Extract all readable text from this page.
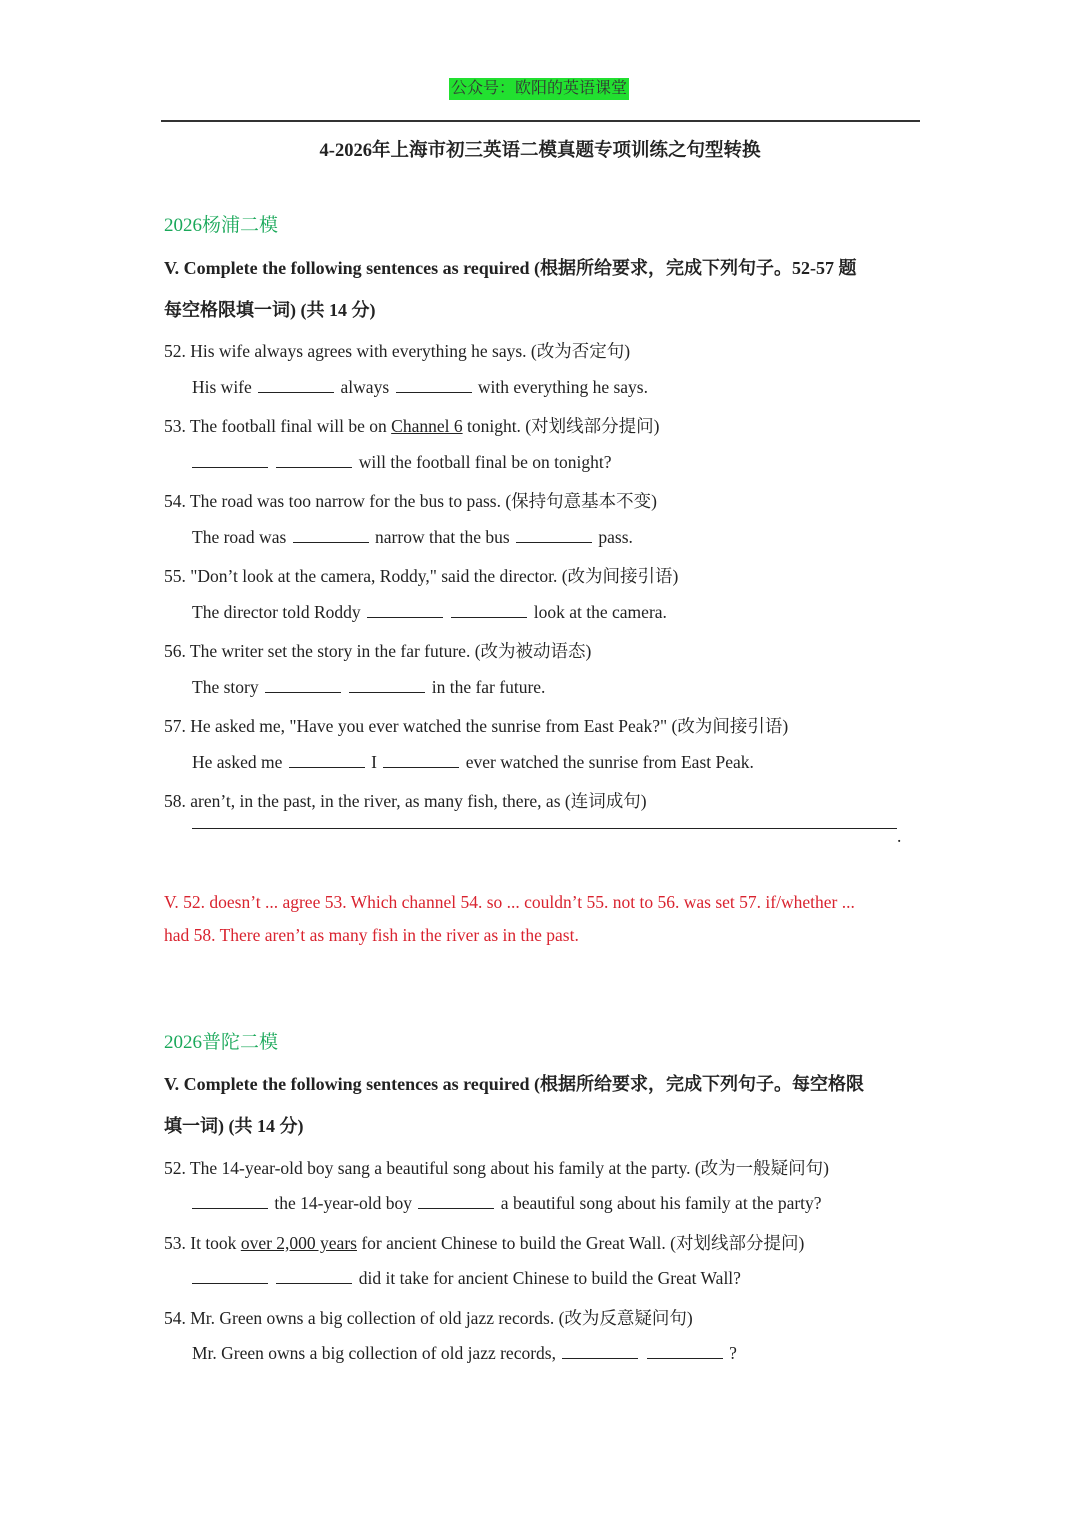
公众号：欧阳的英语课堂
4-2026年上海市初三英语二模真题专项训练之句型转换
2026杨浦二模
V. Complete the following sentences as required (根据所给要求，完成下列句子。52-57 题
每空格限填一词) (共 14 分)
52. His wife always agrees with everything he says. (改为否定句)
His wife	always	with everything he says.
53. The football final will be on Channel 6 tonight. (对划线部分提问)
will the football final be on tonight?
54. The road was too narrow for the bus to pass. (保持句意基本不变)
The road was	narrow that the bus	pass.
55. "Don’t look at the camera, Roddy," said the director. (改为间接引语)
The director told Roddy	look at the camera.
56. The writer set the story in the far future. (改为被动语态)
The story	in the far future.
57. He asked me, "Have you ever watched the sunrise from East Peak?" (改为间接引语)
He asked me	I	ever watched the sunrise from East Peak.
58. aren’t, in the past, in the river, as many fish, there, as (连词成句)
.
V. 52. doesn’t ... agree 53. Which channel 54. so ... couldn’t 55. not to 56. was set 57. if/whether ...
had 58. There aren’t as many fish in the river as in the past.
2026普陀二模
V. Complete the following sentences as required (根据所给要求，完成下列句子。每空格限
填一词) (共 14 分)
52. The 14-year-old boy sang a beautiful song about his family at the party. (改为一般疑问句)
the 14-year-old boy	a beautiful song about his family at the party?
53. It took over 2,000 years for ancient Chinese to build the Great Wall. (对划线部分提问)
did it take for ancient Chinese to build the Great Wall?
54. Mr. Green owns a big collection of old jazz records. (改为反意疑问句)
Mr. Green owns a big collection of old jazz records,	?
